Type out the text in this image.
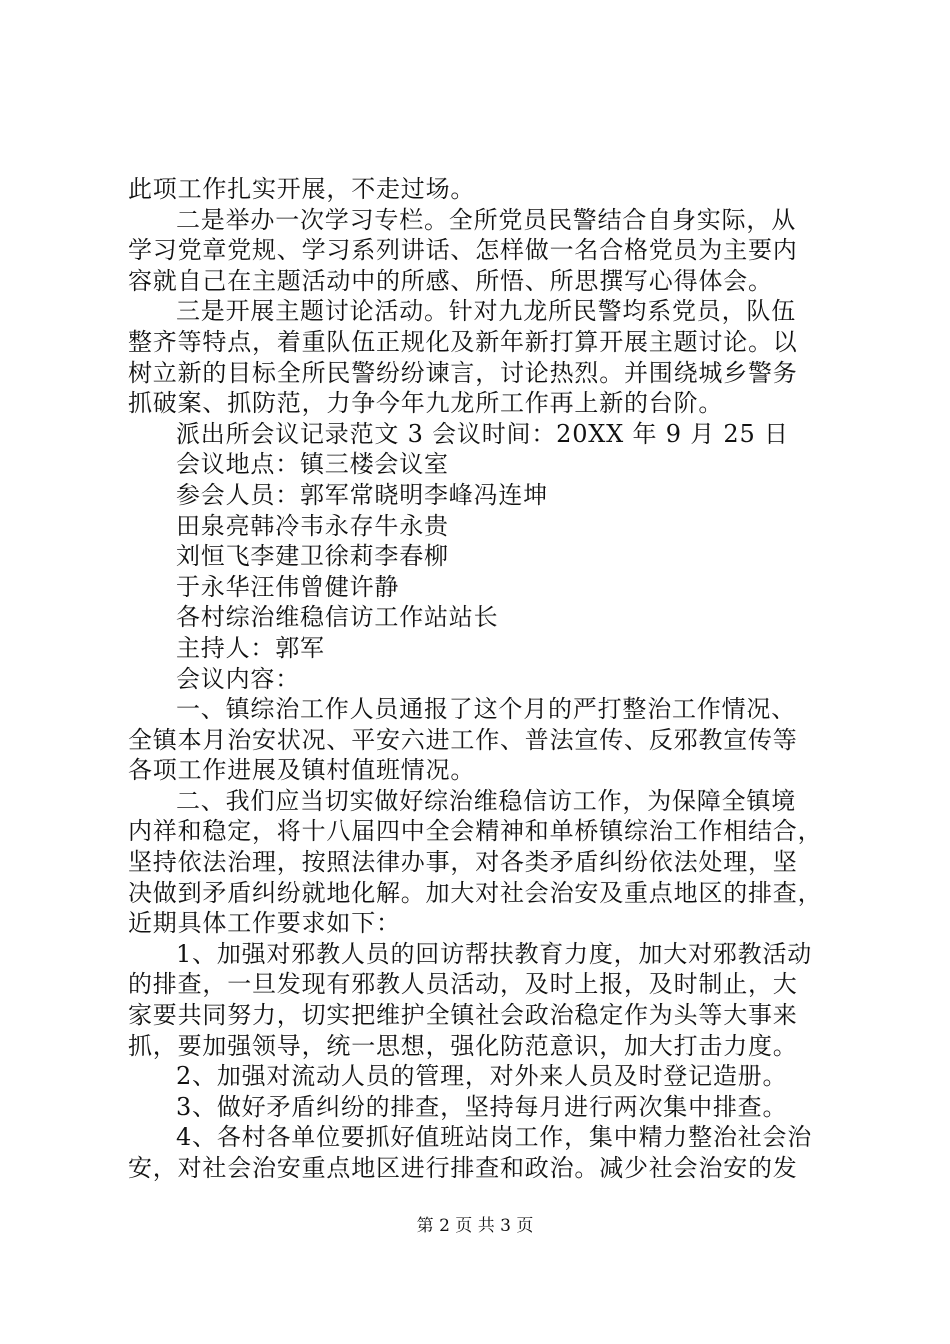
此项工作扎实开展，不走过场。

二是举办一次学习专栏。全所党员民警结合自身实际，从

学习党章党规、学习系列讲话、怎样做一名合格党员为主要内

容就自己在主题活动中的所感、所悟、所思撰写心得体会。

三是开展主题讨论活动。针对九龙所民警均系党员，队伍

整齐等特点，着重队伍正规化及新年新打算开展主题讨论。以

树立新的目标全所民警纷纷谏言，讨论热烈。并围绕城乡警务

抓破案、抓防范，力争今年九龙所工作再上新的台阶。

派出所会议记录范文 3 会议时间：20XX 年 9 月 25 日

会议地点：镇三楼会议室

参会人员：郭军常晓明李峰冯连坤

田泉亮韩冷韦永存牛永贵

刘恒飞李建卫徐莉李春柳

于永华汪伟曾健许静

各村综治维稳信访工作站站长

主持人：郭军

会议内容：

一、镇综治工作人员通报了这个月的严打整治工作情况、

全镇本月治安状况、平安六进工作、普法宣传、反邪教宣传等

各项工作进展及镇村值班情况。

二、我们应当切实做好综治维稳信访工作，为保障全镇境

内祥和稳定，将十八届四中全会精神和单桥镇综治工作相结合，

坚持依法治理，按照法律办事，对各类矛盾纠纷依法处理，坚

决做到矛盾纠纷就地化解。加大对社会治安及重点地区的排查，

近期具体工作要求如下：

1、加强对邪教人员的回访帮扶教育力度，加大对邪教活动

的排查，一旦发现有邪教人员活动，及时上报，及时制止，大

家要共同努力，切实把维护全镇社会政治稳定作为头等大事来

抓，要加强领导，统一思想，强化防范意识，加大打击力度。

2、加强对流动人员的管理，对外来人员及时登记造册。

3、做好矛盾纠纷的排查，坚持每月进行两次集中排查。

4、各村各单位要抓好值班站岗工作，集中精力整治社会治

安，对社会治安重点地区进行排查和政治。减少社会治安的发

第 2 页 共 3 页
